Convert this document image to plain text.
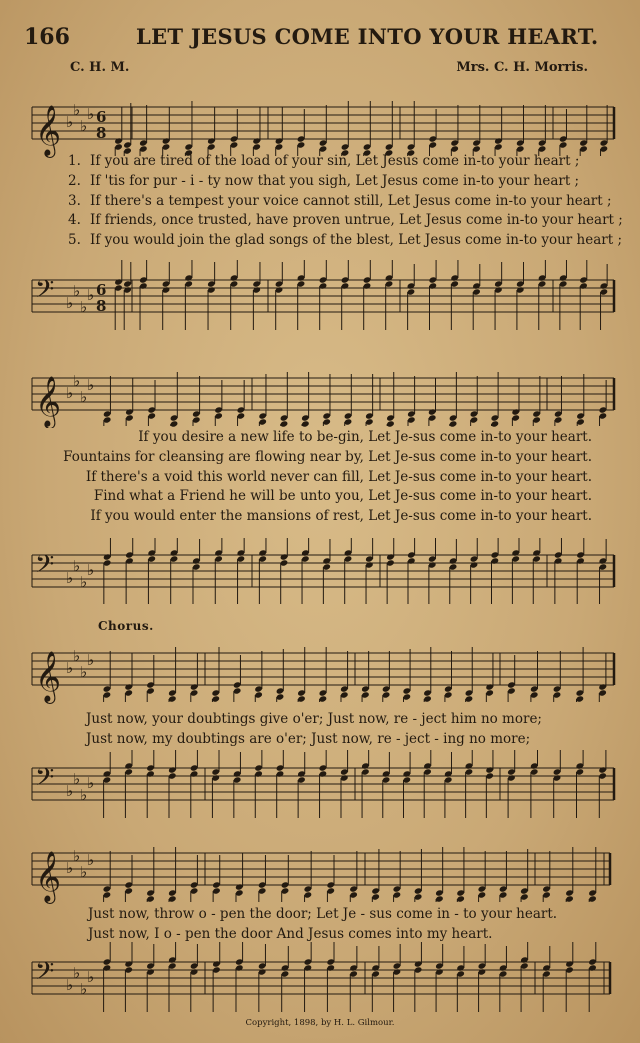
166	LET JESUS COME INTO YOUR HEART.
C. H. M.	Mrs. C. H. Morris.
𝄞 ♭
♭
♭
♭ 6
8
1. If you are tired of the load of your sin, Let Jesus come in-to your heart ;
2. If 'tis for pur - i - ty now that you sigh, Let Jesus come in-to your heart ;
3. If there's a tempest your voice cannot still, Let Jesus come in-to your heart ;
4. If friends, once trusted, have proven untrue, Let Jesus come in-to your heart ;
5. If you would join the glad songs of the blest, Let Jesus come in-to your heart ;
𝄢 ♭
♭
♭
♭ 6
8
𝄞 ♭
♭
♭
♭
If you desire a new life to be-gin, Let Je-sus come in-to your heart.
Fountains for cleansing are flowing near by, Let Je-sus come in-to your heart.
If there's a void this world never can fill, Let Je-sus come in-to your heart.
Find what a Friend he will be unto you, Let Je-sus come in-to your heart.
If you would enter the mansions of rest, Let Je-sus come in-to your heart.
𝄢 ♭
♭
♭
♭
Chorus.
𝄞 ♭
♭
♭
♭
Just now, your doubtings give o'er; Just now, re - ject him no more;
Just now, my doubtings are o'er; Just now, re - ject - ing no more;
𝄢 ♭
♭
♭
♭
𝄞 ♭
♭
♭
♭
Just now, throw o - pen the door; Let Je - sus come in - to your heart.
Just now, I o - pen the door And Jesus comes into my heart.
𝄢 ♭
♭
♭
♭
Copyright, 1898, by H. L. Gilmour.
